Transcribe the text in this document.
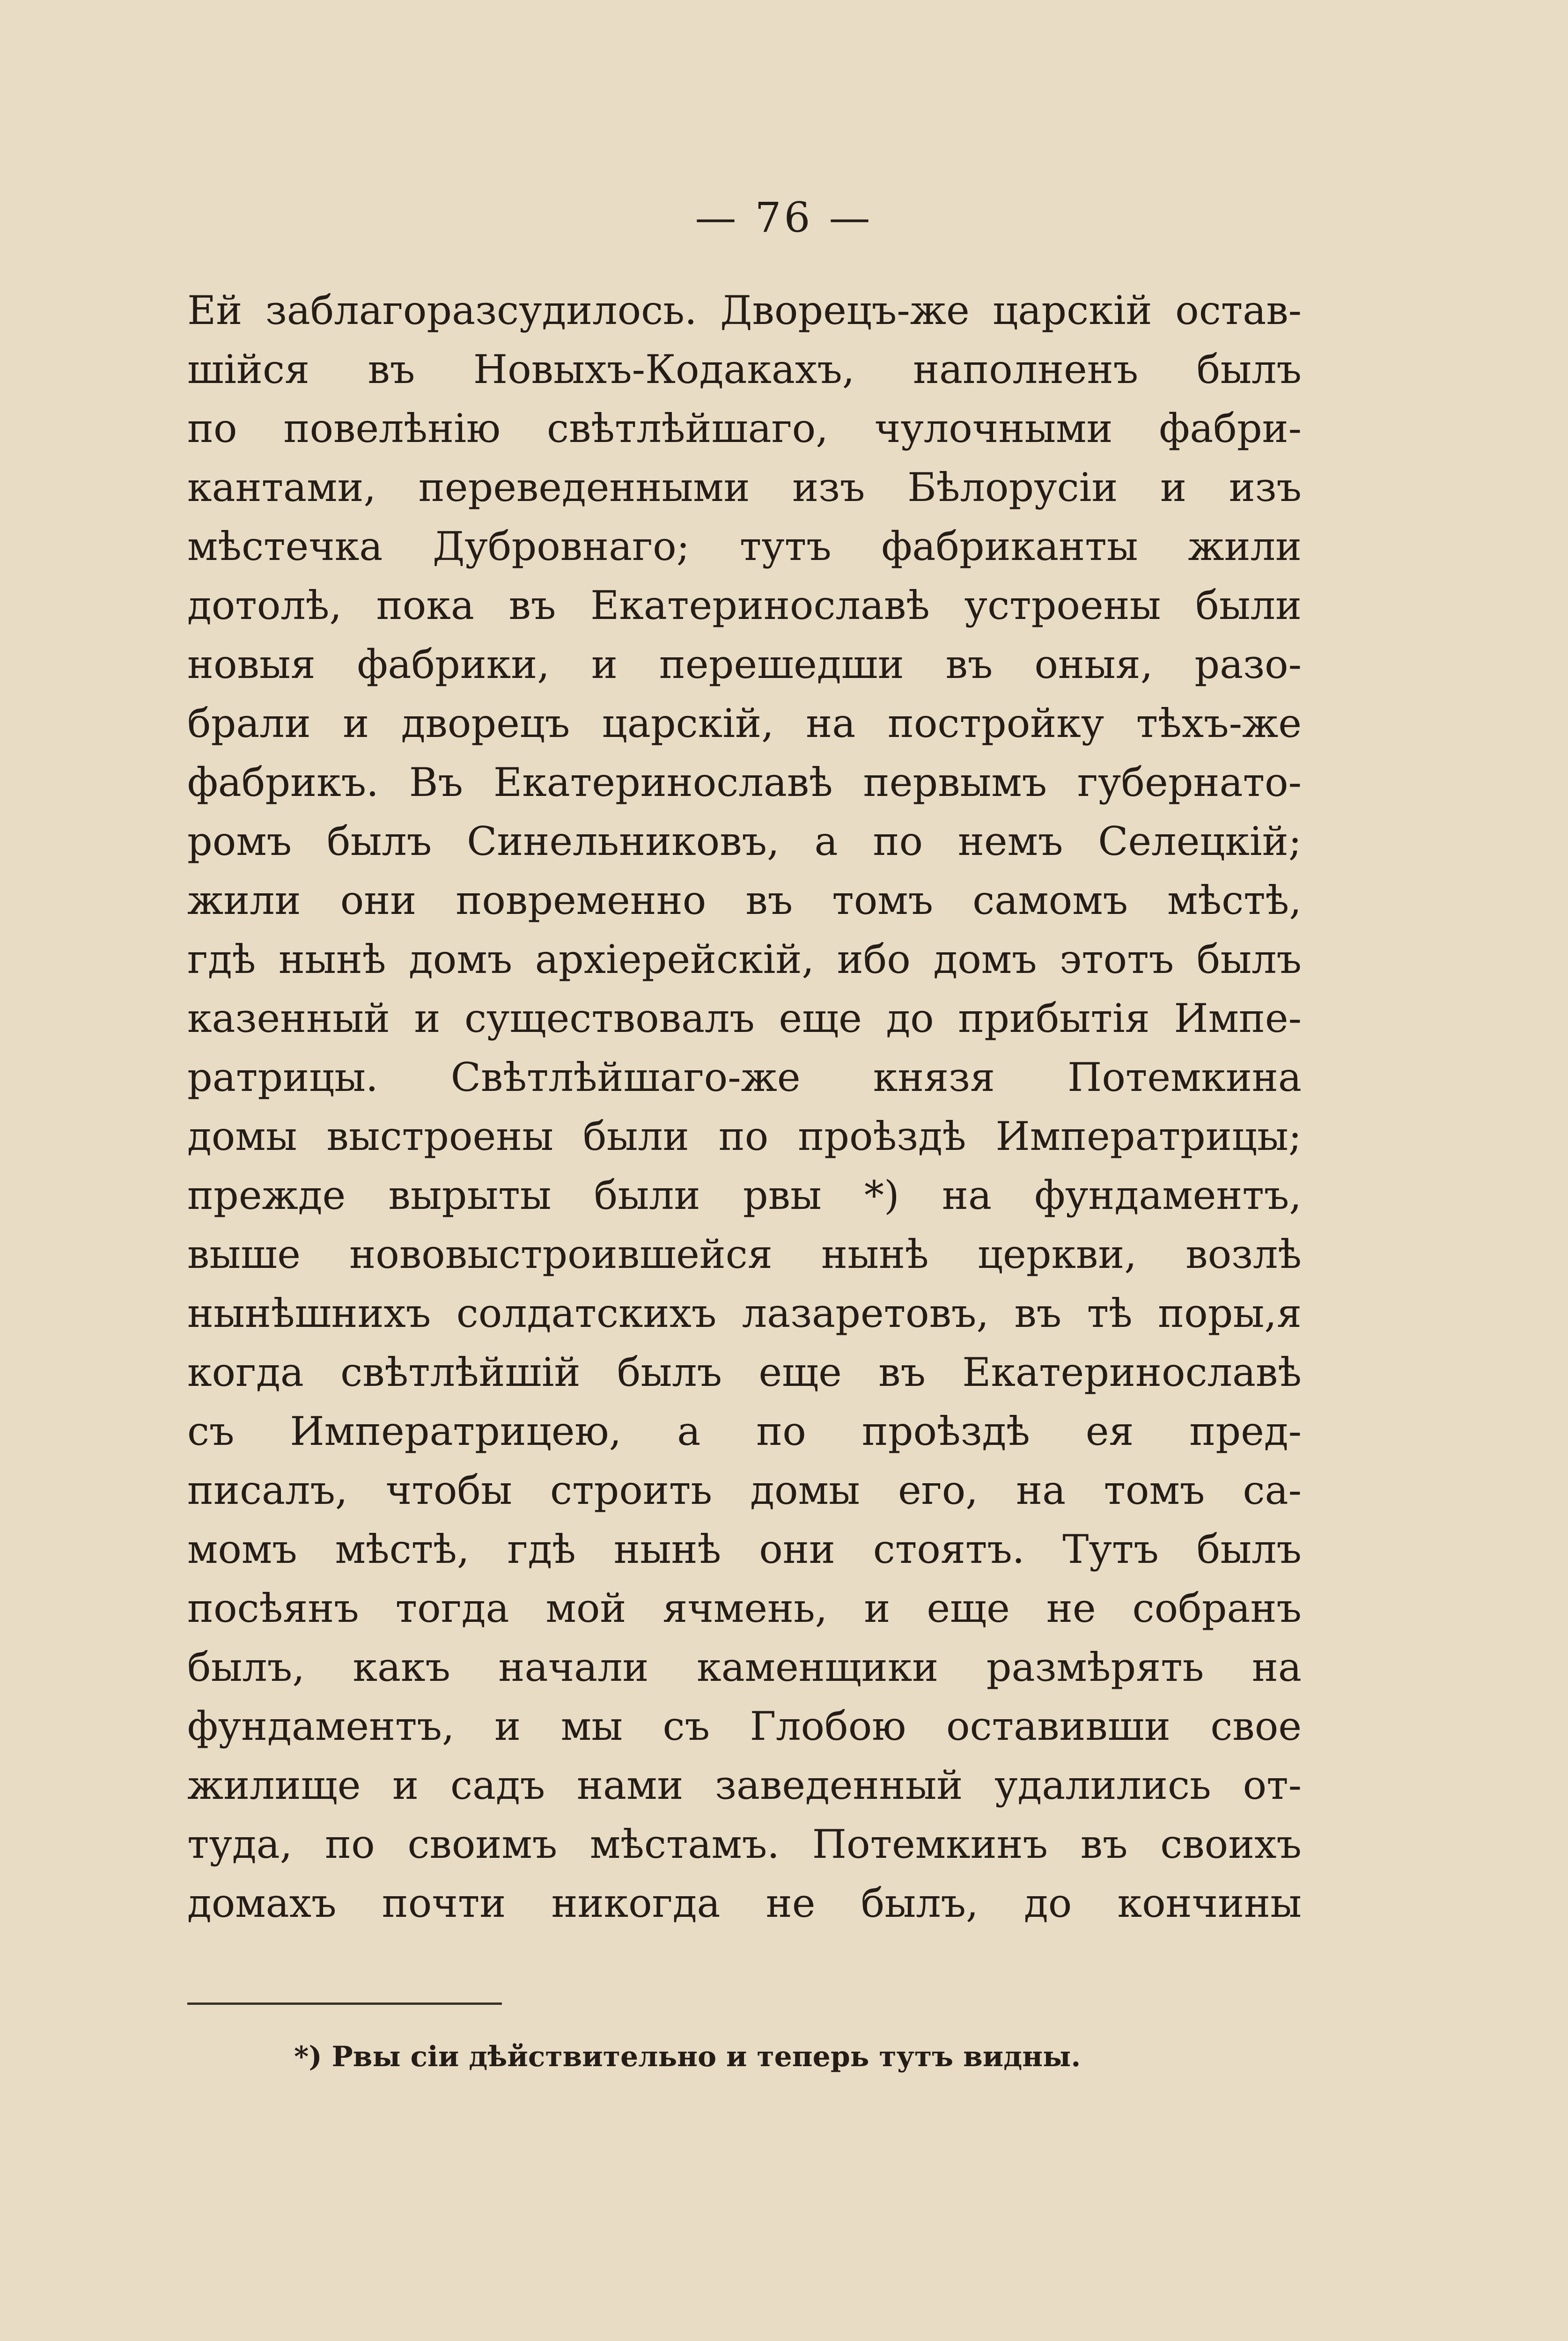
— 76 —
Ей заблагоразсудилось. Дворецъ-же царскій остав-
шійся въ Новыхъ-Кодакахъ, наполненъ былъ
по повелѣнію свѣтлѣйшаго, чулочными фабри-
кантами, переведенными изъ Бѣлорусіи и изъ
мѣстечка Дубровнаго; тутъ фабриканты жили
дотолѣ, пока въ Екатеринославѣ устроены были
новыя фабрики, и перешедши въ оныя, разо-
брали и дворецъ царскій, на постройку тѣхъ-же
фабрикъ. Въ Екатеринославѣ первымъ губернато-
ромъ былъ Синельниковъ, а по немъ Селецкій;
жили они повременно въ томъ самомъ мѣстѣ,
гдѣ нынѣ домъ архіерейскій, ибо домъ этотъ былъ
казенный и существовалъ еще до прибытія Импе-
ратрицы. Свѣтлѣйшаго-же князя Потемкина
домы выстроены были по проѣздѣ Императрицы;
прежде вырыты были рвы *) на фундаментъ,
выше нововыстроившейся нынѣ церкви, возлѣ
нынѣшнихъ солдатскихъ лазаретовъ, въ тѣ поры,я
когда свѣтлѣйшій былъ еще въ Екатеринославѣ
съ Императрицею, а по проѣздѣ ея пред-
писалъ, чтобы строить домы его, на томъ са-
момъ мѣстѣ, гдѣ нынѣ они стоятъ. Тутъ былъ
посѣянъ тогда мой ячмень, и еще не собранъ
былъ, какъ начали каменщики размѣрять на
фундаментъ, и мы съ Глобою оставивши свое
жилище и садъ нами заведенный удалились от-
туда, по своимъ мѣстамъ. Потемкинъ въ своихъ
домахъ почти никогда не былъ, до кончины
*) Рвы сіи дѣйствительно и теперь тутъ видны.
